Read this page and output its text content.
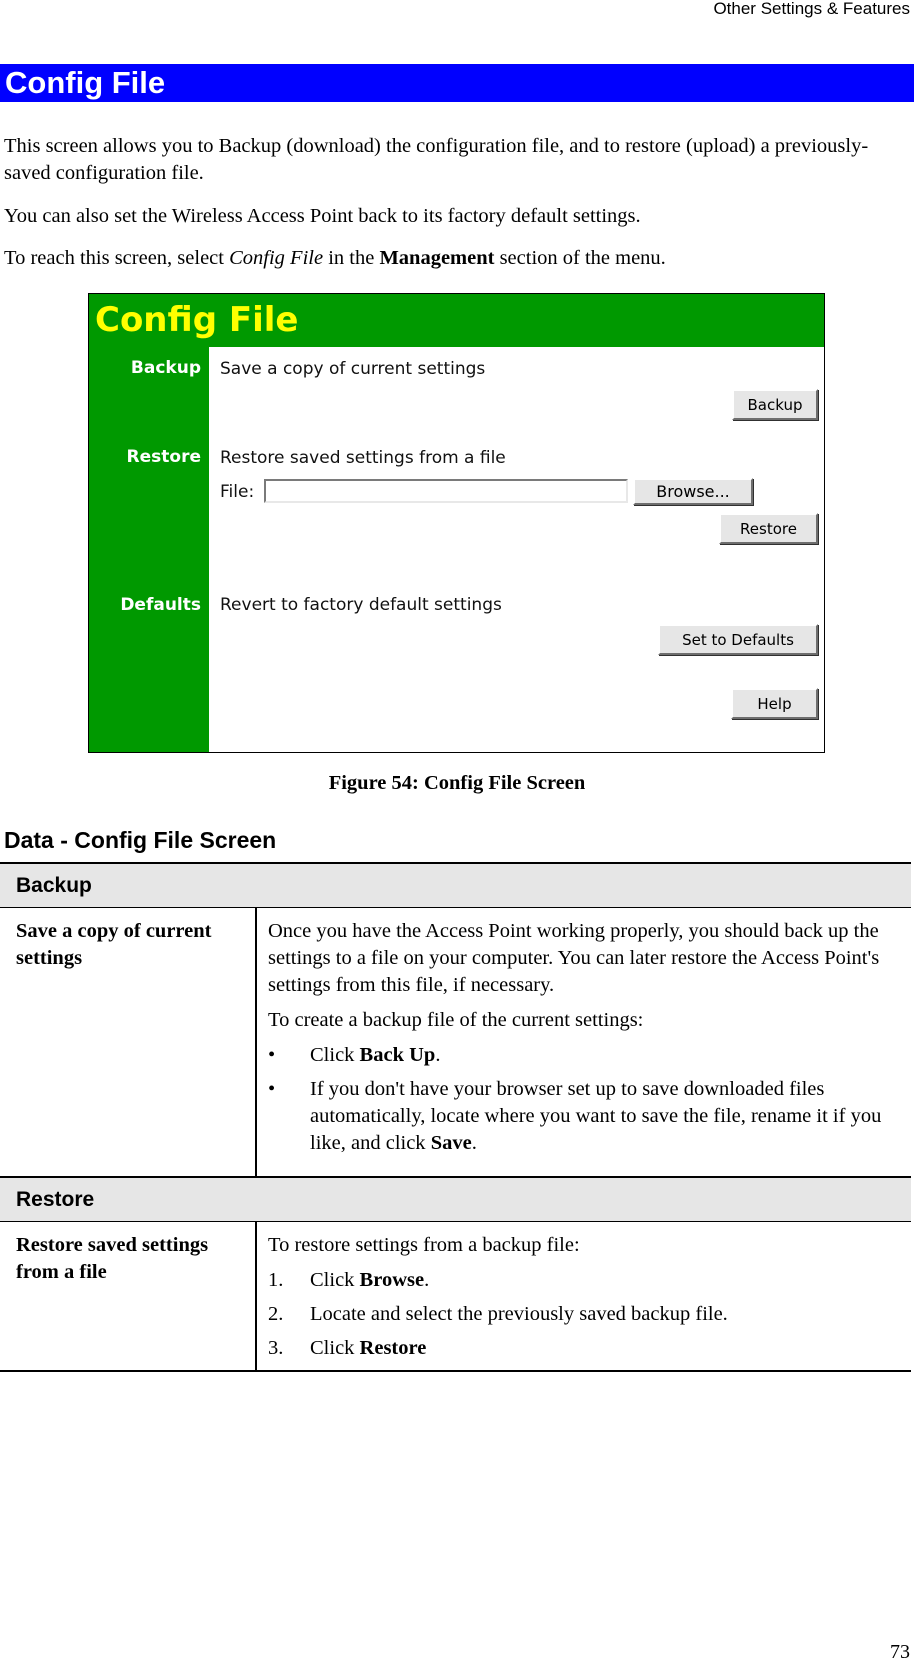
Other Settings & Features
Config File
This screen allows you to Backup (download) the configuration file, and to restore (upload) a previously-saved configuration file.
You can also set the Wireless Access Point back to its factory default settings.
To reach this screen, select Config File in the Management section of the menu.
Config File
Backup
Restore
Defaults
Save a copy of current settings
Backup
Restore saved settings from a file
File:	Browse...
Restore
Revert to factory default settings
Set to Defaults
Help
Figure 54: Config File Screen
Data - Config File Screen
Backup
Save a copy of current settings

Once you have the Access Point working properly, you should back up the settings to a file on your computer. You can later restore the Access Point's settings from this file, if necessary.

To create a backup file of the current settings:

• Click Back Up.
• If you don't have your browser set up to save downloaded files automatically, locate where you want to save the file, rename it if you like, and click Save.
Restore
Restore saved settings from a file

To restore settings from a backup file:

1. Click Browse.
2. Locate and select the previously saved backup file.
3. Click Restore
73
